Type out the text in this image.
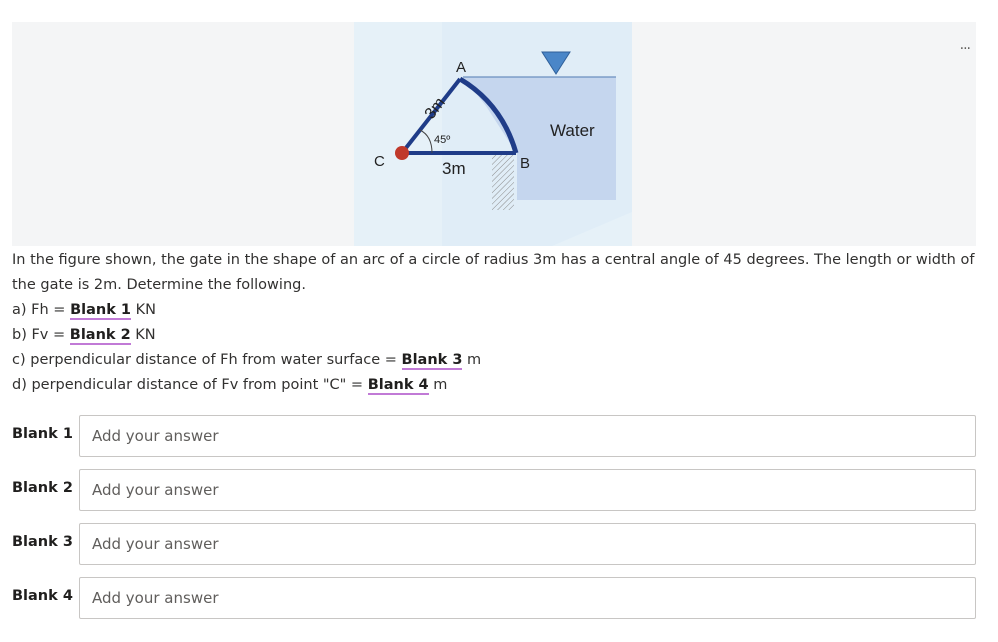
A
C	B
3m
45º
3m
Water
...
In the figure shown, the gate in the shape of an arc of a circle of radius 3m has a central angle of 45 degrees. The length or width of the gate is 2m. Determine the following.
a) Fh = Blank 1 KN
b) Fv = Blank 2 KN
c) perpendicular distance of Fh from water surface = Blank 3 m
d) perpendicular distance of Fv from point "C" = Blank 4 m
Blank 1
Add your answer
Blank 2
Add your answer
Blank 3
Add your answer
Blank 4
Add your answer
